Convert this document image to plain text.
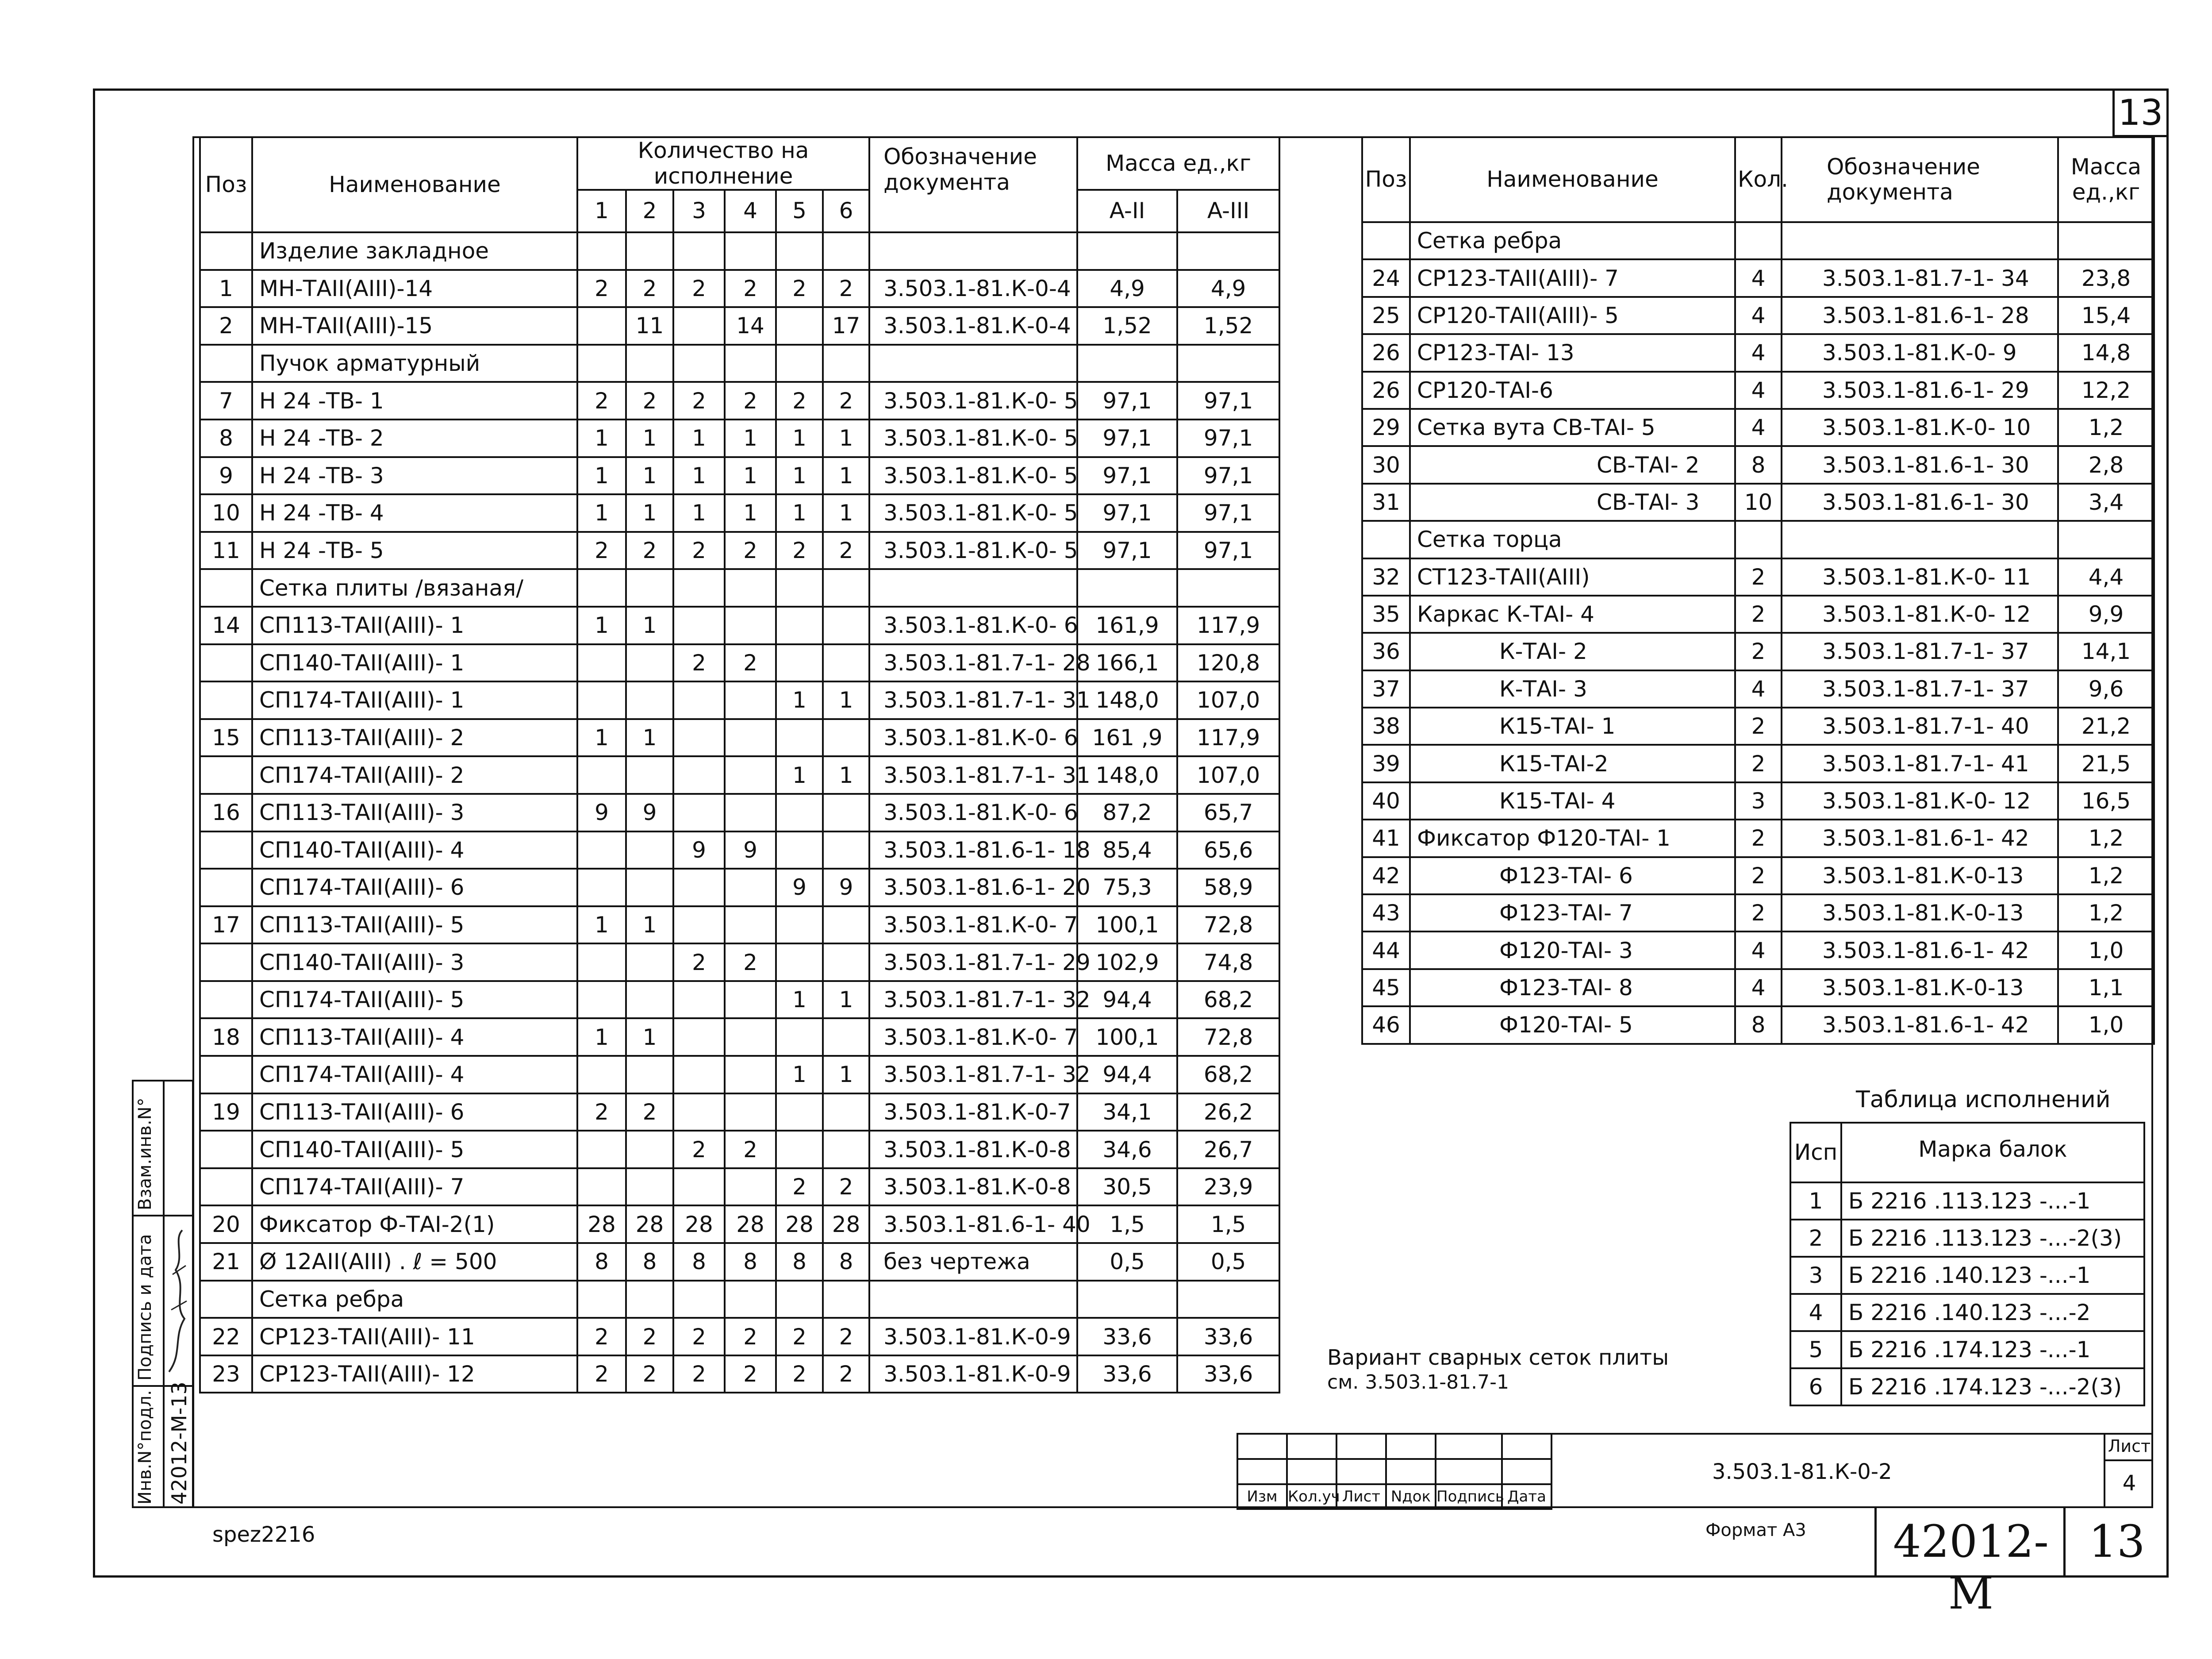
13
Поз	Наименование	Количество на исполнение						Обозначение документа	Масса ед.,кг	
		1	2	3	4	5	6		A-II	A-III
	Изделие закладное									
1	МН-ТАII(АIII)-14	2	2	2	2	2	2	3.503.1-81.К-0-4	4,9	4,9
2	МН-ТАII(АIII)-15		11		14		17	3.503.1-81.К-0-4	1,52	1,52
	Пучок арматурный									
7	Н 24 -ТВ- 1	2	2	2	2	2	2	3.503.1-81.К-0- 5	97,1	97,1
8	Н 24 -ТВ- 2	1	1	1	1	1	1	3.503.1-81.К-0- 5	97,1	97,1
9	Н 24 -ТВ- 3	1	1	1	1	1	1	3.503.1-81.К-0- 5	97,1	97,1
10	Н 24 -ТВ- 4	1	1	1	1	1	1	3.503.1-81.К-0- 5	97,1	97,1
11	Н 24 -ТВ- 5	2	2	2	2	2	2	3.503.1-81.К-0- 5	97,1	97,1
	Сетка плиты /вязаная/									
14	СП113-ТАII(АIII)- 1	1	1					3.503.1-81.К-0- 6	161,9	117,9
	СП140-ТАII(АIII)- 1			2	2			3.503.1-81.7-1- 28	166,1	120,8
	СП174-ТАII(АIII)- 1					1	1	3.503.1-81.7-1- 31	148,0	107,0
15	СП113-ТАII(АIII)- 2	1	1					3.503.1-81.К-0- 6	161 ,9	117,9
	СП174-ТАII(АIII)- 2					1	1	3.503.1-81.7-1- 31	148,0	107,0
16	СП113-ТАII(АIII)- 3	9	9					3.503.1-81.К-0- 6	87,2	65,7
	СП140-ТАII(АIII)- 4			9	9			3.503.1-81.6-1- 18	85,4	65,6
	СП174-ТАII(АIII)- 6					9	9	3.503.1-81.6-1- 20	75,3	58,9
17	СП113-ТАII(АIII)- 5	1	1					3.503.1-81.К-0- 7	100,1	72,8
	СП140-ТАII(АIII)- 3			2	2			3.503.1-81.7-1- 29	102,9	74,8
	СП174-ТАII(АIII)- 5					1	1	3.503.1-81.7-1- 32	94,4	68,2
18	СП113-ТАII(АIII)- 4	1	1					3.503.1-81.К-0- 7	100,1	72,8
	СП174-ТАII(АIII)- 4					1	1	3.503.1-81.7-1- 32	94,4	68,2
19	СП113-ТАII(АIII)- 6	2	2					3.503.1-81.К-0-7	34,1	26,2
	СП140-ТАII(АIII)- 5			2	2			3.503.1-81.К-0-8	34,6	26,7
	СП174-ТАII(АIII)- 7					2	2	3.503.1-81.К-0-8	30,5	23,9
20	Фиксатор Ф-ТАI-2(1)	28	28	28	28	28	28	3.503.1-81.6-1- 40	1,5	1,5
21	Ø 12АII(АIII) . ℓ = 500	8	8	8	8	8	8	без чертежа	0,5	0,5
	Сетка ребра									
22	СР123-ТАII(АIII)- 11	2	2	2	2	2	2	3.503.1-81.К-0-9	33,6	33,6
23	СР123-ТАII(АIII)- 12	2	2	2	2	2	2	3.503.1-81.К-0-9	33,6	33,6
Поз	Наименование	Кол.	Обозначение документа	Масса ед.,кг
	Сетка ребра			
24	СР123-ТАII(АIII)- 7	4	3.503.1-81.7-1- 34	23,8
25	СР120-ТАII(АIII)- 5	4	3.503.1-81.6-1- 28	15,4
26	СР123-ТАI- 13	4	3.503.1-81.К-0- 9	14,8
26	СР120-ТАI-6	4	3.503.1-81.6-1- 29	12,2
29	Сетка вута СВ-ТАI- 5	4	3.503.1-81.К-0- 10	1,2
30	СВ-ТАI- 2	8	3.503.1-81.6-1- 30	2,8
31	СВ-ТАI- 3	10	3.503.1-81.6-1- 30	3,4
	Сетка торца			
32	СТ123-ТАII(АIII)	2	3.503.1-81.К-0- 11	4,4
35	Каркас К-ТАI- 4	2	3.503.1-81.К-0- 12	9,9
36	К-ТАI- 2	2	3.503.1-81.7-1- 37	14,1
37	К-ТАI- 3	4	3.503.1-81.7-1- 37	9,6
38	К15-ТАI- 1	2	3.503.1-81.7-1- 40	21,2
39	К15-ТАI-2	2	3.503.1-81.7-1- 41	21,5
40	К15-ТАI- 4	3	3.503.1-81.К-0- 12	16,5
41	Фиксатор Ф120-ТАI- 1	2	3.503.1-81.6-1- 42	1,2
42	Ф123-ТАI- 6	2	3.503.1-81.К-0-13	1,2
43	Ф123-ТАI- 7	2	3.503.1-81.К-0-13	1,2
44	Ф120-ТАI- 3	4	3.503.1-81.6-1- 42	1,0
45	Ф123-ТАI- 8	4	3.503.1-81.К-0-13	1,1
46	Ф120-ТАI- 5	8	3.503.1-81.6-1- 42	1,0
Таблица исполнений
Исп	Марка балок
1	Б 2216 .113.123 -...-1
2	Б 2216 .113.123 -...-2(3)
3	Б 2216 .140.123 -...-1
4	Б 2216 .140.123 -...-2
5	Б 2216 .174.123 -...-1
6	Б 2216 .174.123 -...-2(3)
Вариант сварных сеток плиты
см. 3.503.1-81.7-1

Изм	Кол.уч	Лист	Nдок	Подпись	Дата
3.503.1-81.К-0-2
Лист
4
Взам.инв.N°
Подпись и дата
Инв.N°подл. 42012-М-13
spez2216	Формат А3 42012-М
13
